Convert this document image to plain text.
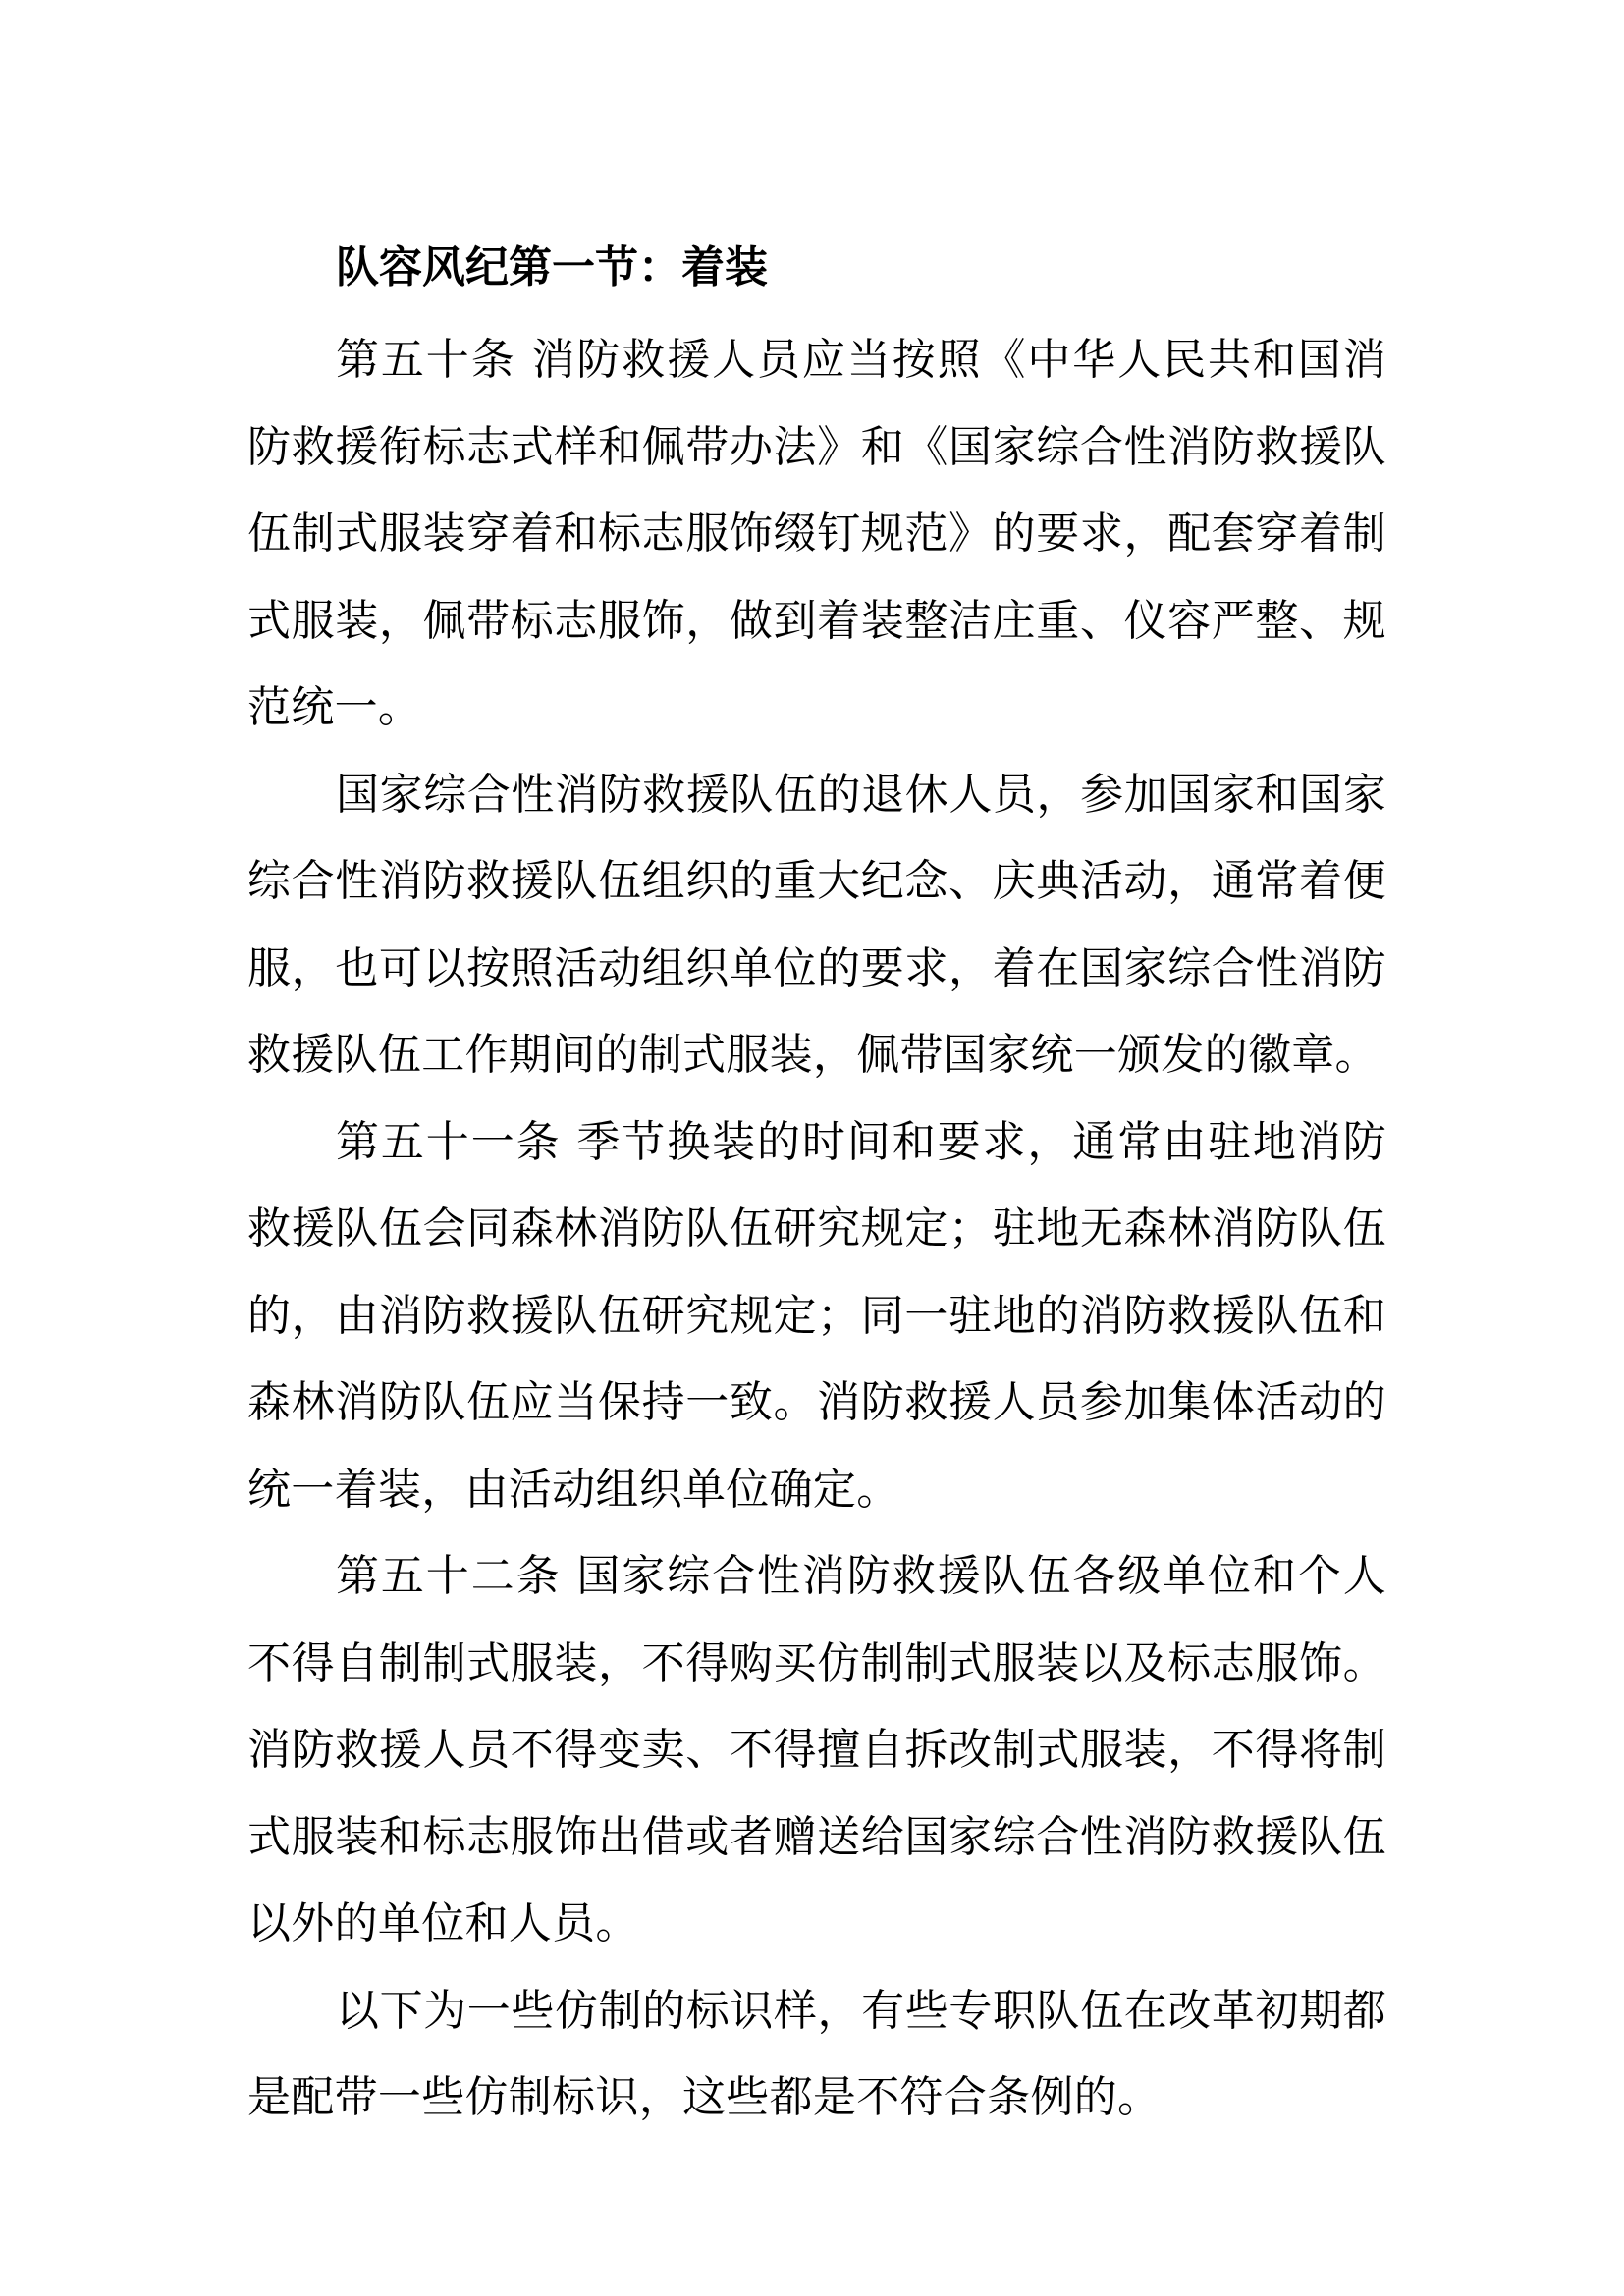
队容风纪第一节：着装

第五十条 消防救援人员应当按照《中华人民共和国消防救援衔标志式样和佩带办法》和《国家综合性消防救援队伍制式服装穿着和标志服饰缀钉规范》的要求，配套穿着制式服装，佩带标志服饰，做到着装整洁庄重、仪容严整、规范统一。

国家综合性消防救援队伍的退休人员，参加国家和国家综合性消防救援队伍组织的重大纪念、庆典活动，通常着便服，也可以按照活动组织单位的要求，着在国家综合性消防救援队伍工作期间的制式服装，佩带国家统一颁发的徽章。

第五十一条 季节换装的时间和要求，通常由驻地消防救援队伍会同森林消防队伍研究规定；驻地无森林消防队伍的，由消防救援队伍研究规定；同一驻地的消防救援队伍和森林消防队伍应当保持一致。消防救援人员参加集体活动的统一着装，由活动组织单位确定。

第五十二条 国家综合性消防救援队伍各级单位和个人不得自制制式服装，不得购买仿制制式服装以及标志服饰。消防救援人员不得变卖、不得擅自拆改制式服装，不得将制式服装和标志服饰出借或者赠送给国家综合性消防救援队伍以外的单位和人员。

以下为一些仿制的标识样，有些专职队伍在改革初期都是配带一些仿制标识，这些都是不符合条例的。
